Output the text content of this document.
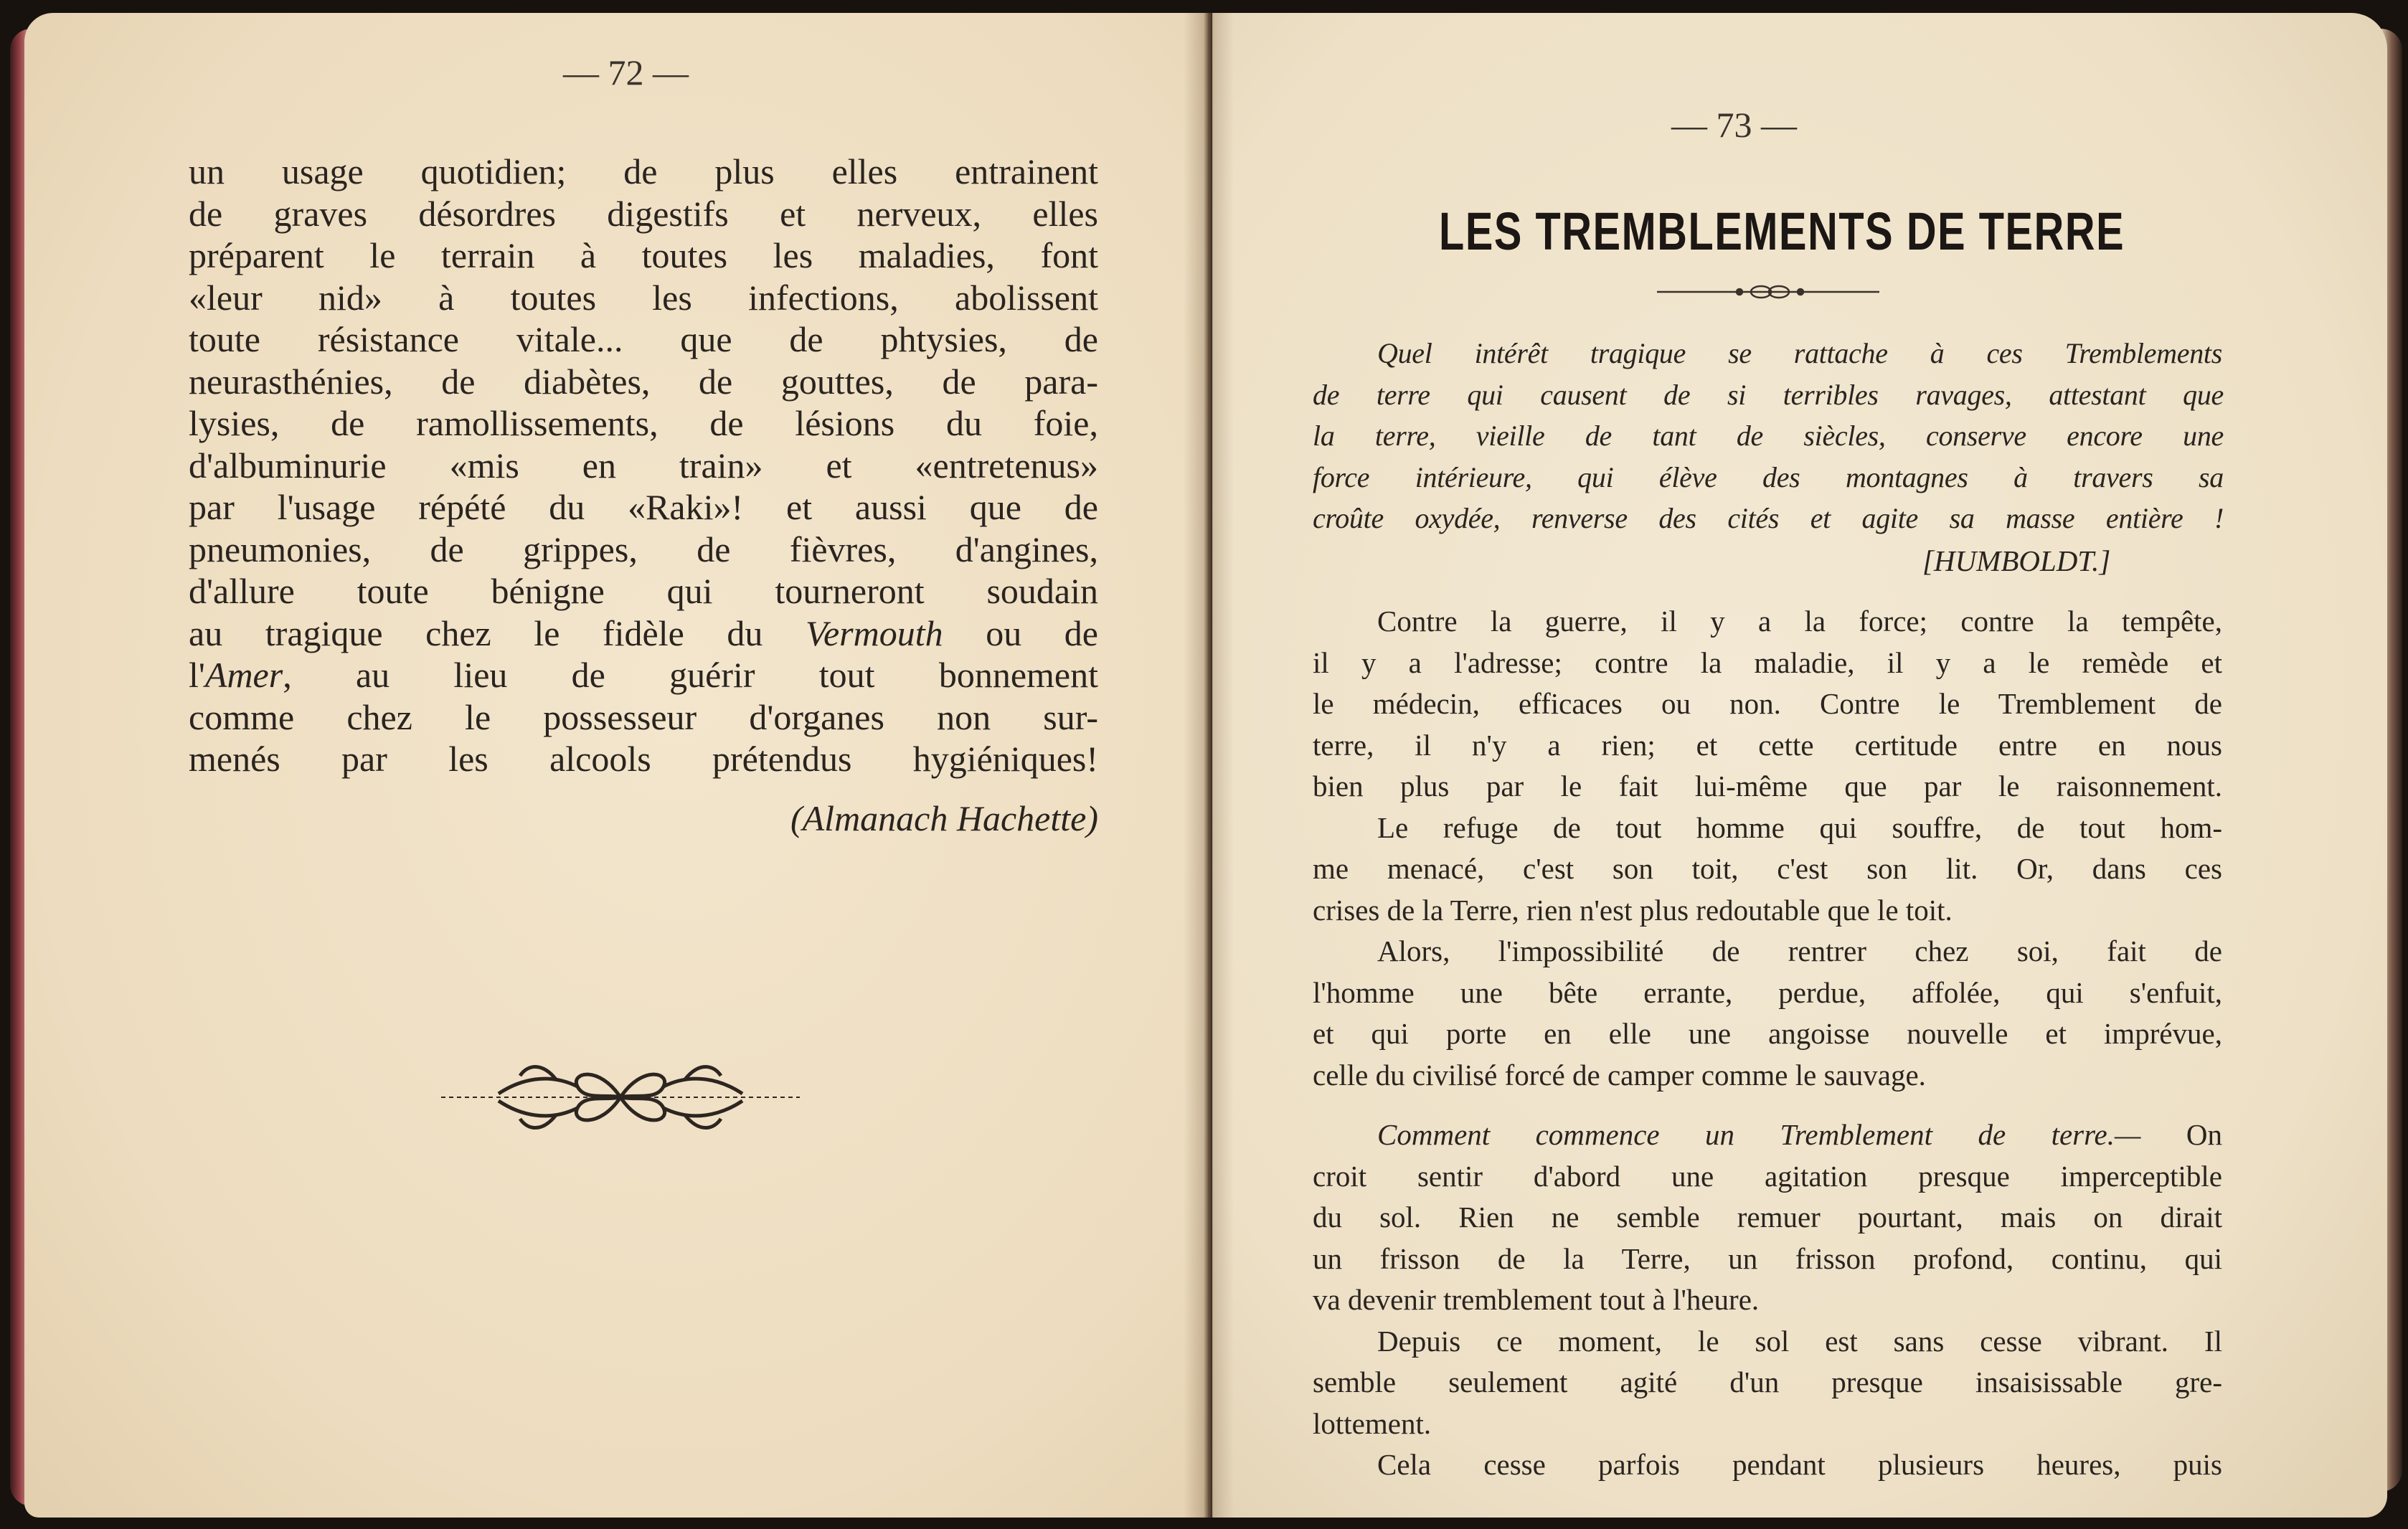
— 72 —
— 73 —
un usage quotidien; de plus elles entrainent
de graves désordres digestifs et nerveux, elles
préparent le terrain à toutes les maladies, font
«leur nid» à toutes les infections, abolissent
toute résistance vitale... que de phtysies, de
neurasthénies, de diabètes, de gouttes, de para-
lysies, de ramollissements, de lésions du foie,
d'albuminurie «mis en train» et «entretenus»
par l'usage répété du «Raki»! et aussi que de
pneumonies, de grippes, de fièvres, d'angines,
d'allure toute bénigne qui tourneront soudain
au tragique chez le fidèle du Vermouth ou de
l'Amer, au lieu de guérir tout bonnement
comme chez le possesseur d'organes non sur-
menés par les alcools prétendus hygiéniques!
(Almanach Hachette)
LES TREMBLEMENTS DE TERRE
Quel intérêt tragique se rattache à ces Tremblements
de terre qui causent de si terribles ravages, attestant que
la terre, vieille de tant de siècles, conserve encore une
force intérieure, qui élève des montagnes à travers sa
croûte oxydée, renverse des cités et agite sa masse entière !
[HUMBOLDT.]
Contre la guerre, il y a la force; contre la tempête,
il y a l'adresse; contre la maladie, il y a le remède et
le médecin, efficaces ou non. Contre le Tremblement de
terre, il n'y a rien; et cette certitude entre en nous
bien plus par le fait lui-même que par le raisonnement.
Le refuge de tout homme qui souffre, de tout hom-
me menacé, c'est son toit, c'est son lit. Or, dans ces
crises de la Terre, rien n'est plus redoutable que le toit.
Alors, l'impossibilité de rentrer chez soi, fait de
l'homme une bête errante, perdue, affolée, qui s'enfuit,
et qui porte en elle une angoisse nouvelle et imprévue,
celle du civilisé forcé de camper comme le sauvage.
Comment commence un Tremblement de terre.— On
croit sentir d'abord une agitation presque imperceptible
du sol. Rien ne semble remuer pourtant, mais on dirait
un frisson de la Terre, un frisson profond, continu, qui
va devenir tremblement tout à l'heure.
Depuis ce moment, le sol est sans cesse vibrant. Il
semble seulement agité d'un presque insaisissable gre-
lottement.
Cela cesse parfois pendant plusieurs heures, puis
